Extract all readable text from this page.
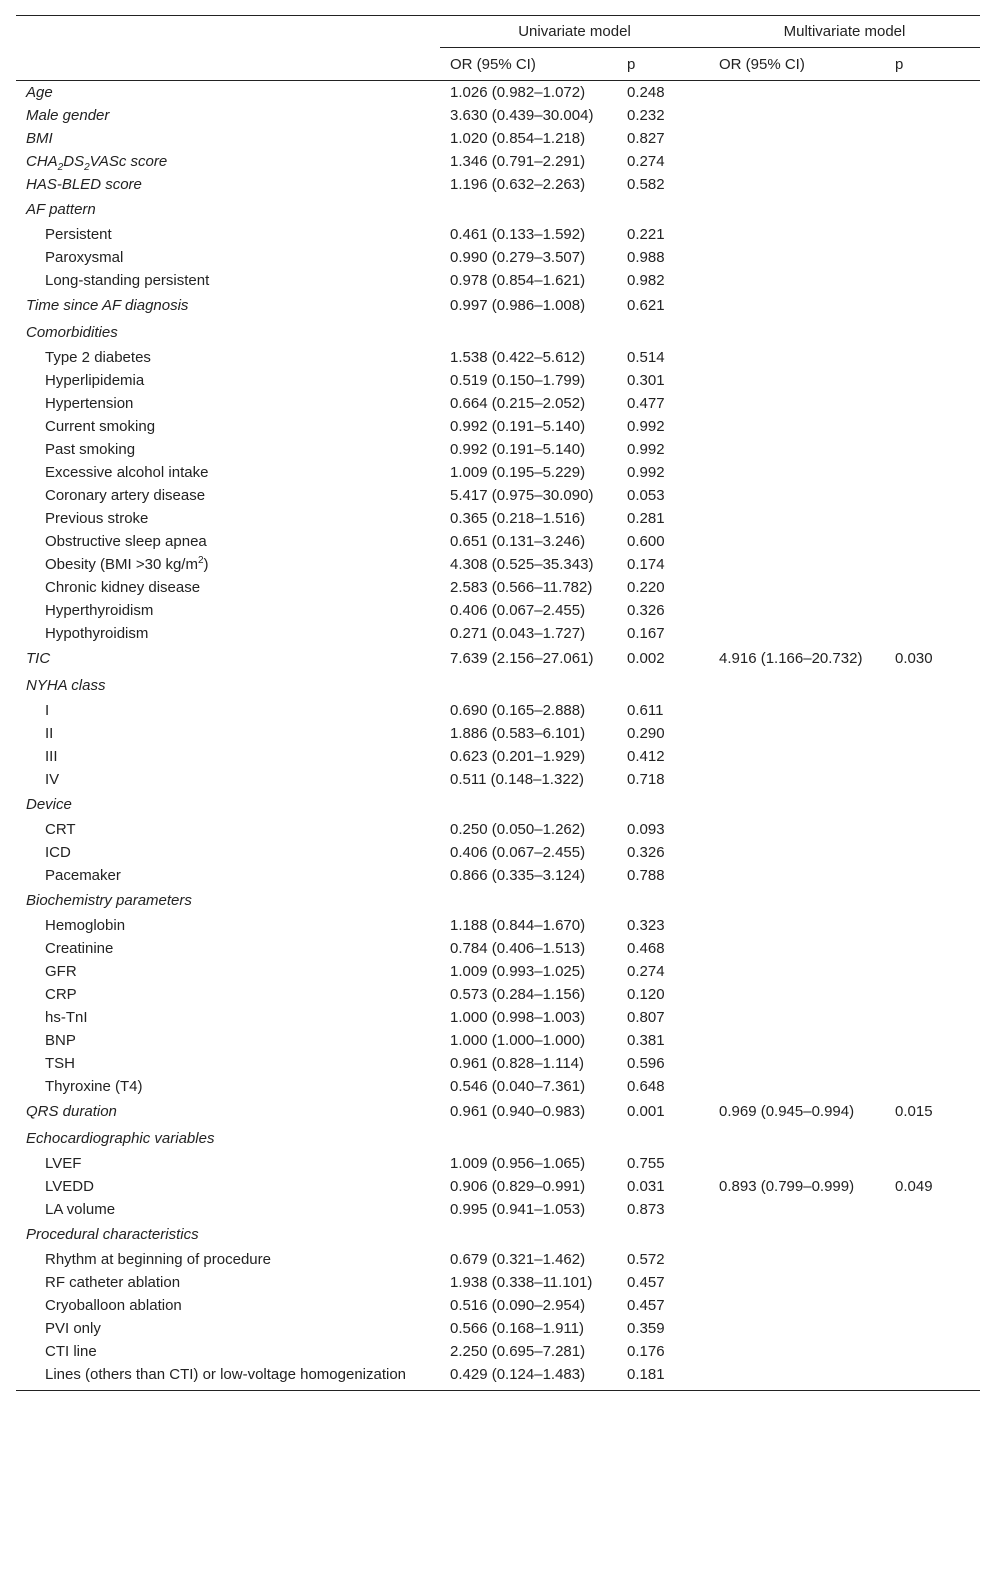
	Univariate model		Multivariate model	
	OR (95% CI)	p	OR (95% CI)	p
Age	1.026 (0.982–1.072)	0.248		
Male gender	3.630 (0.439–30.004)	0.232		
BMI	1.020 (0.854–1.218)	0.827		
$CHA_2DS_2VASc$ score	1.346 (0.791–2.291)	0.274		
HAS-BLED score	1.196 (0.632–2.263)	0.582		
AF pattern				
Persistent	0.461 (0.133–1.592)	0.221		
Paroxysmal	0.990 (0.279–3.507)	0.988		
Long-standing persistent	0.978 (0.854–1.621)	0.982		
Time since AF diagnosis	0.997 (0.986–1.008)	0.621		
Comorbidities				
Type 2 diabetes	1.538 (0.422–5.612)	0.514		
Hyperlipidemia	0.519 (0.150–1.799)	0.301		
Hypertension	0.664 (0.215–2.052)	0.477		
Current smoking	0.992 (0.191–5.140)	0.992		
Past smoking	0.992 (0.191–5.140)	0.992		
Excessive alcohol intake	1.009 (0.195–5.229)	0.992		
Coronary artery disease	5.417 (0.975–30.090)	0.053		
Previous stroke	0.365 (0.218–1.516)	0.281		
Obstructive sleep apnea	0.651 (0.131–3.246)	0.600		
Obesity (BMI >30 $kg/m^2$)	4.308 (0.525–35.343)	0.174		
Chronic kidney disease	2.583 (0.566–11.782)	0.220		
Hyperthyroidism	0.406 (0.067–2.455)	0.326		
Hypothyroidism	0.271 (0.043–1.727)	0.167		
TIC	7.639 (2.156–27.061)	0.002	4.916 (1.166–20.732)	0.030
NYHA class				
I	0.690 (0.165–2.888)	0.611		
II	1.886 (0.583–6.101)	0.290		
III	0.623 (0.201–1.929)	0.412		
IV	0.511 (0.148–1.322)	0.718		
Device				
CRT	0.250 (0.050–1.262)	0.093		
ICD	0.406 (0.067–2.455)	0.326		
Pacemaker	0.866 (0.335–3.124)	0.788		
Biochemistry parameters				
Hemoglobin	1.188 (0.844–1.670)	0.323		
Creatinine	0.784 (0.406–1.513)	0.468		
GFR	1.009 (0.993–1.025)	0.274		
CRP	0.573 (0.284–1.156)	0.120		
hs-TnI	1.000 (0.998–1.003)	0.807		
BNP	1.000 (1.000–1.000)	0.381		
TSH	0.961 (0.828–1.114)	0.596		
Thyroxine (T4)	0.546 (0.040–7.361)	0.648		
QRS duration	0.961 (0.940–0.983)	0.001	0.969 (0.945–0.994)	0.015
Echocardiographic variables				
LVEF	1.009 (0.956–1.065)	0.755		
LVEDD	0.906 (0.829–0.991)	0.031	0.893 (0.799–0.999)	0.049
LA volume	0.995 (0.941–1.053)	0.873		
Procedural characteristics				
Rhythm at beginning of procedure	0.679 (0.321–1.462)	0.572		
RF catheter ablation	1.938 (0.338–11.101)	0.457		
Cryoballoon ablation	0.516 (0.090–2.954)	0.457		
PVI only	0.566 (0.168–1.911)	0.359		
CTI line	2.250 (0.695–7.281)	0.176		
Lines (others than CTI) or low-voltage homogenization	0.429 (0.124–1.483)	0.181		
